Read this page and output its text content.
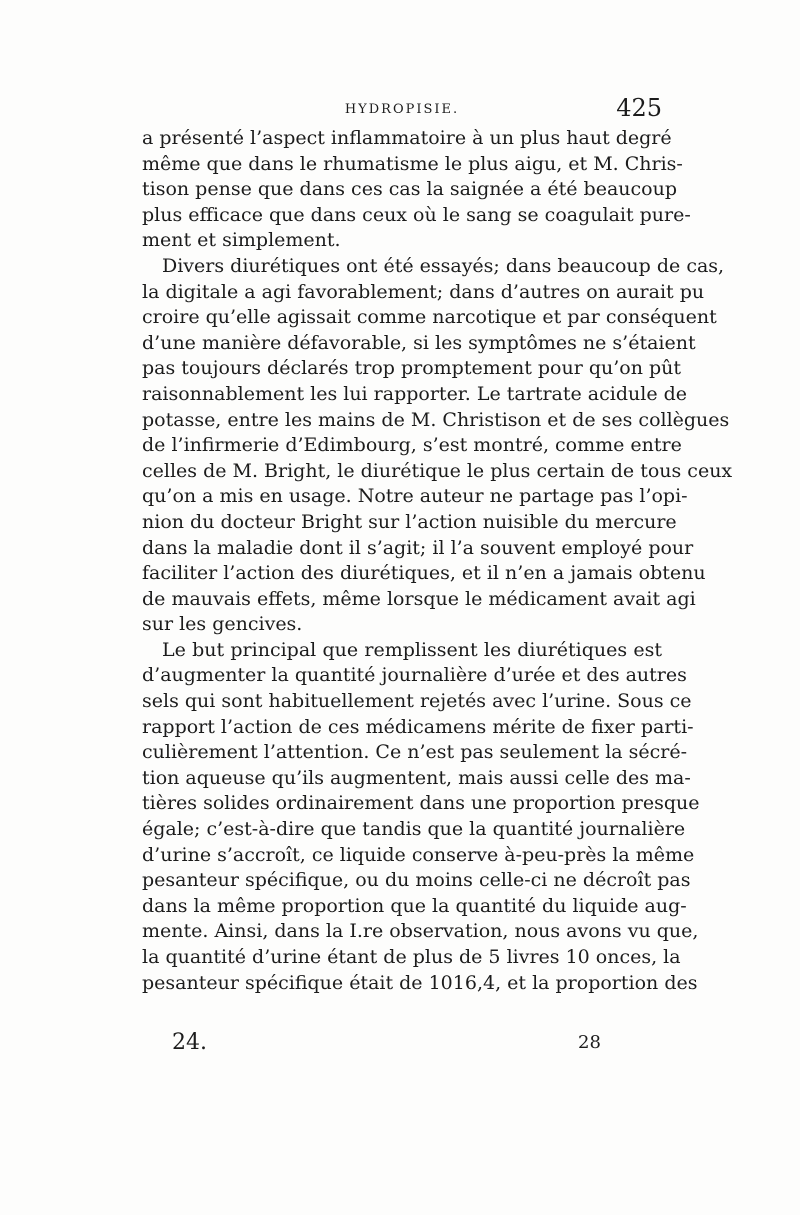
HYDROPISIE.	425
a présenté l’aspect inflammatoire à un plus haut degré
même que dans le rhumatisme le plus aigu, et M. Chris-
tison pense que dans ces cas la saignée a été beaucoup
plus efficace que dans ceux où le sang se coagulait pure-
ment et simplement.
Divers diurétiques ont été essayés; dans beaucoup de cas,
la digitale a agi favorablement; dans d’autres on aurait pu
croire qu’elle agissait comme narcotique et par conséquent
d’une manière défavorable, si les symptômes ne s’étaient
pas toujours déclarés trop promptement pour qu’on pût
raisonnablement les lui rapporter. Le tartrate acidule de
potasse, entre les mains de M. Christison et de ses collègues
de l’infirmerie d’Edimbourg, s’est montré, comme entre
celles de M. Bright, le diurétique le plus certain de tous ceux
qu’on a mis en usage. Notre auteur ne partage pas l’opi-
nion du docteur Bright sur l’action nuisible du mercure
dans la maladie dont il s’agit; il l’a souvent employé pour
faciliter l’action des diurétiques, et il n’en a jamais obtenu
de mauvais effets, même lorsque le médicament avait agi
sur les gencives.
Le but principal que remplissent les diurétiques est
d’augmenter la quantité journalière d’urée et des autres
sels qui sont habituellement rejetés avec l’urine. Sous ce
rapport l’action de ces médicamens mérite de fixer parti-
culièrement l’attention. Ce n’est pas seulement la sécré-
tion aqueuse qu’ils augmentent, mais aussi celle des ma-
tières solides ordinairement dans une proportion presque
égale; c’est-à-dire que tandis que la quantité journalière
d’urine s’accroît, ce liquide conserve à-peu-près la même
pesanteur spécifique, ou du moins celle-ci ne décroît pas
dans la même proportion que la quantité du liquide aug-
mente. Ainsi, dans la I.re observation, nous avons vu que,
la quantité d’urine étant de plus de 5 livres 10 onces, la
pesanteur spécifique était de 1016,4, et la proportion des
24.	28
